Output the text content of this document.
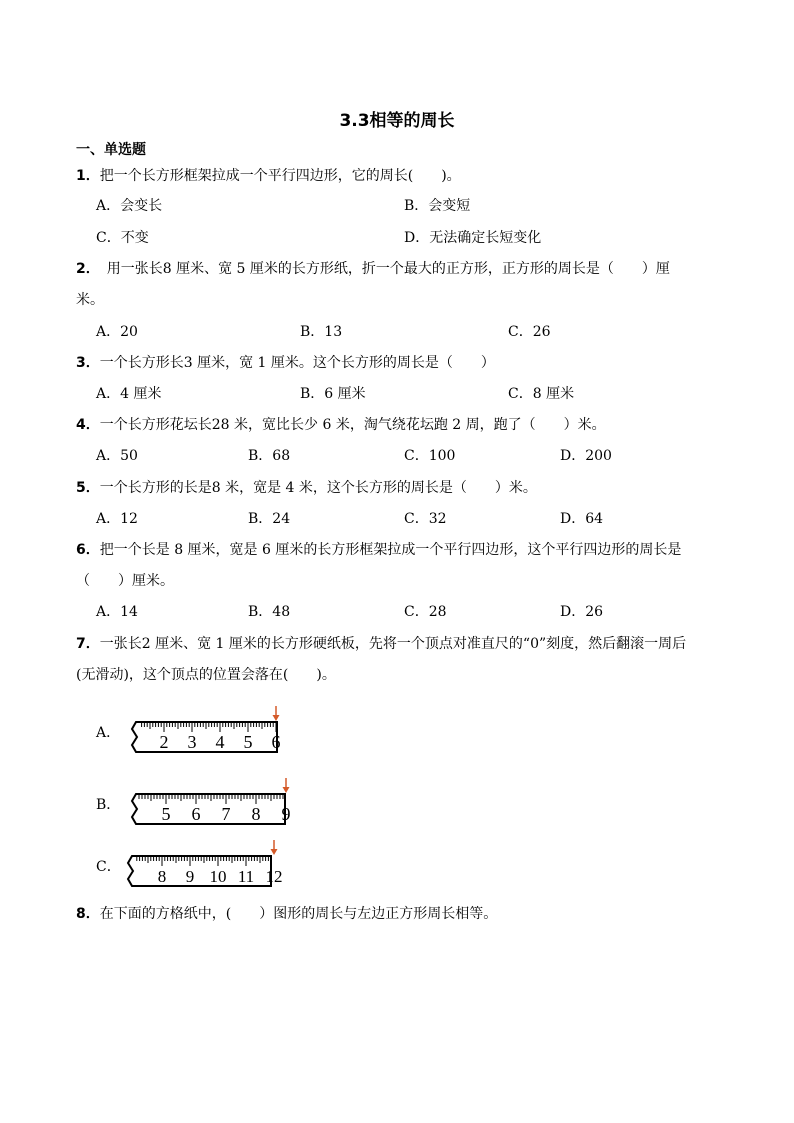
3.3相等的周长
一、单选题
1．把一个长方形框架拉成一个平行四边形，它的周长(　　)。
A．会变长	B．会变短
C．不变	D．无法确定长短变化
2．　用一张长8 厘米、宽 5 厘米的长方形纸，折一个最大的正方形，正方形的周长是（　　）厘
米。
A．20	B．13	C．26
3．一个长方形长3 厘米，宽 1 厘米。这个长方形的周长是（　　）
A．4 厘米	B．6 厘米	C．8 厘米
4．一个长方形花坛长28 米，宽比长少 6 米，淘气绕花坛跑 2 周，跑了（　　）米。
A．50	B．68	C．100	D．200
5．一个长方形的长是8 米，宽是 4 米，这个长方形的周长是（　　）米。
A．12	B．24	C．32	D．64
6．把一个长是 8 厘米，宽是 6 厘米的长方形框架拉成一个平行四边形，这个平行四边形的周长是
（　　）厘米。
A．14	B．48	C．28	D．26
7．一张长2 厘米、宽 1 厘米的长方形硬纸板，先将一个顶点对准直尺的“0”刻度，然后翻滚一周后
(无滑动)，这个顶点的位置会落在(　　)。
A． 2 3 4 5 6
B． 5 6 7 8 9
C． 8 9 10 11 12
8．在下面的方格纸中，(　　）图形的周长与左边正方形周长相等。
